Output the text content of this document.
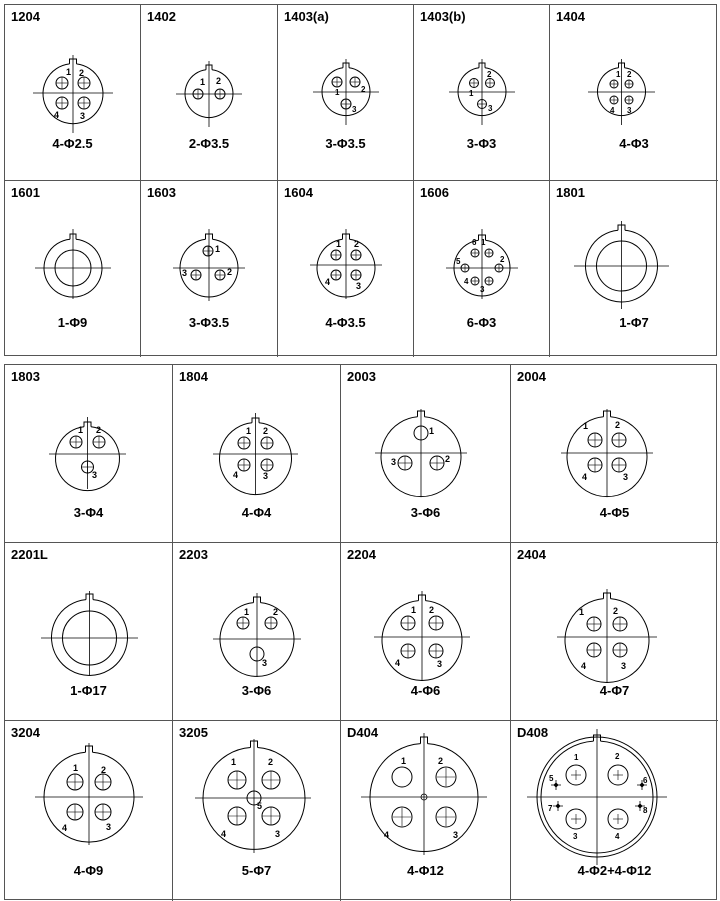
1204
1 2
4 3
4-Φ2.5
1402
1 2
2-Φ3.5
1403(a)
1	2
3
3-Φ3.5
1403(b)
1
2
3
3-Φ3
1404
1 2
4 3
4-Φ3
1601
1-Φ9
1603
1
3	2
3-Φ3.5
1604
1 2
4	3
4-Φ3.5
1606
6 1
5	2
4
3
6-Φ3
1801
1-Φ7
1803
1 2
3
3-Φ4
1804
1 2
4	3
4-Φ4
2003
1
3	2
3-Φ6
2004
1	2
4	3
4-Φ5
2201L
1-Φ17
2203
1	2
3
3-Φ6
2204
1 2
4	3
4-Φ6
2404
1	2
4	3
4-Φ7
3204
1	2
4	3
4-Φ9
3205
1	2
5
4	3
5-Φ7
D404
1	2
4	3
4-Φ12
D408
1	2
5	6
7	8
3	4
4-Φ2+4-Φ12
